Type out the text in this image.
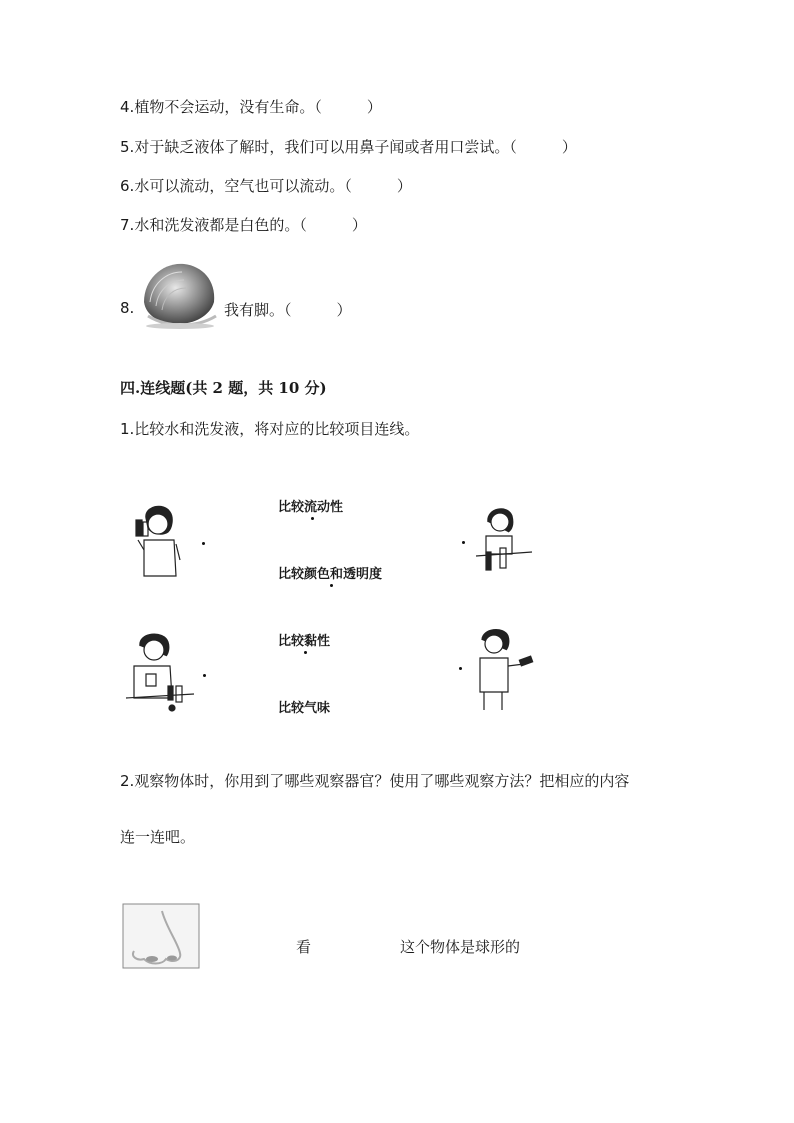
4.植物不会运动，没有生命。（　　　）
5.对于缺乏液体了解时，我们可以用鼻子闻或者用口尝试。（　　　）
6.水可以流动，空气也可以流动。（　　　）
7.水和洗发液都是白色的。（　　　）
8.	我有脚。（　　　）
四.连线题(共 2 题，共 10 分)
1.比较水和洗发液，将对应的比较项目连线。
比较流动性
比较颜色和透明度
比较黏性
比较气味
2.观察物体时，你用到了哪些观察器官？使用了哪些观察方法？把相应的内容
连一连吧。
看	这个物体是球形的
